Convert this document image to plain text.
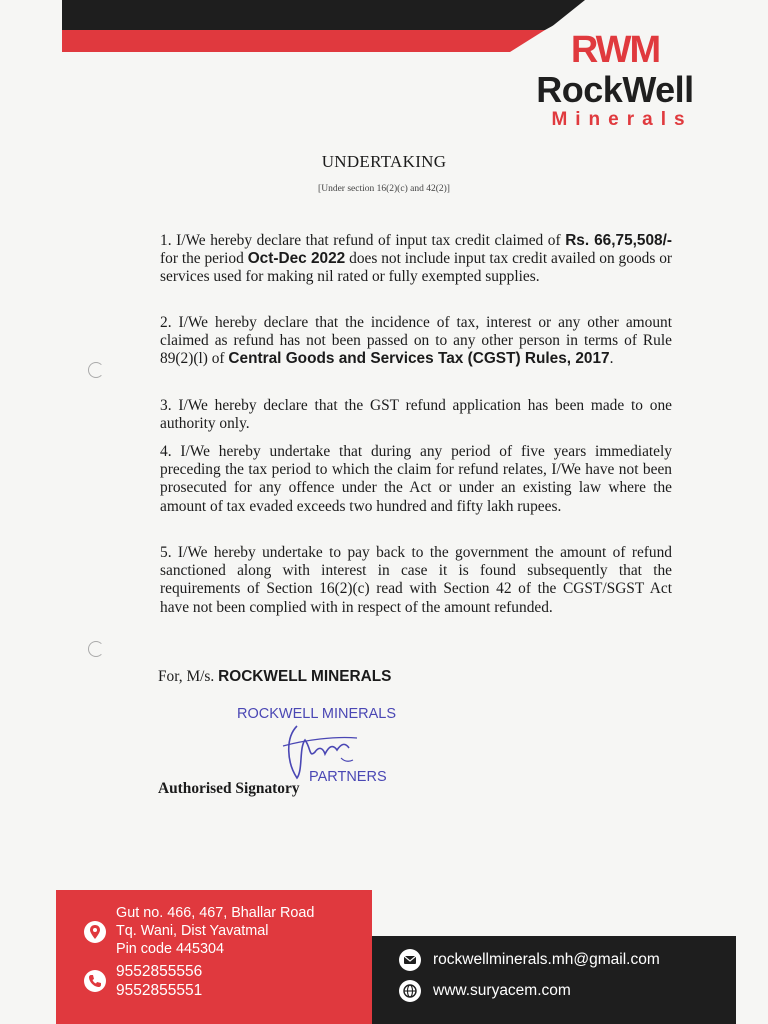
RWM
RockWell
Minerals
UNDERTAKING
[Under section 16(2)(c) and 42(2)]

1. I/We hereby declare that refund of input tax credit claimed of Rs. 66,75,508/- for the period Oct-Dec 2022 does not include input tax credit availed on goods or services used for making nil rated or fully exempted supplies.

2. I/We hereby declare that the incidence of tax, interest or any other amount claimed as refund has not been passed on to any other person in terms of Rule 89(2)(l) of Central Goods and Services Tax (CGST) Rules, 2017.

3. I/We hereby declare that the GST refund application has been made to one authority only.

4. I/We hereby undertake that during any period of five years immediately preceding the tax period to which the claim for refund relates, I/We have not been prosecuted for any offence under the Act or under an existing law where the amount of tax evaded exceeds two hundred and fifty lakh rupees.

5. I/We hereby undertake to pay back to the government the amount of refund sanctioned along with interest in case it is found subsequently that the requirements of Section 16(2)(c) read with Section 42 of the CGST/SGST Act have not been complied with in respect of the amount refunded.

For, M/s. ROCKWELL MINERALS
ROCKWELL MINERALS
PARTNERS
Authorised Signatory
Gut no. 466, 467, Bhallar Road
Tq. Wani, Dist Yavatmal
Pin code 445304
9552855556
9552855551
rockwellminerals.mh@gmail.com
www.suryacem.com
